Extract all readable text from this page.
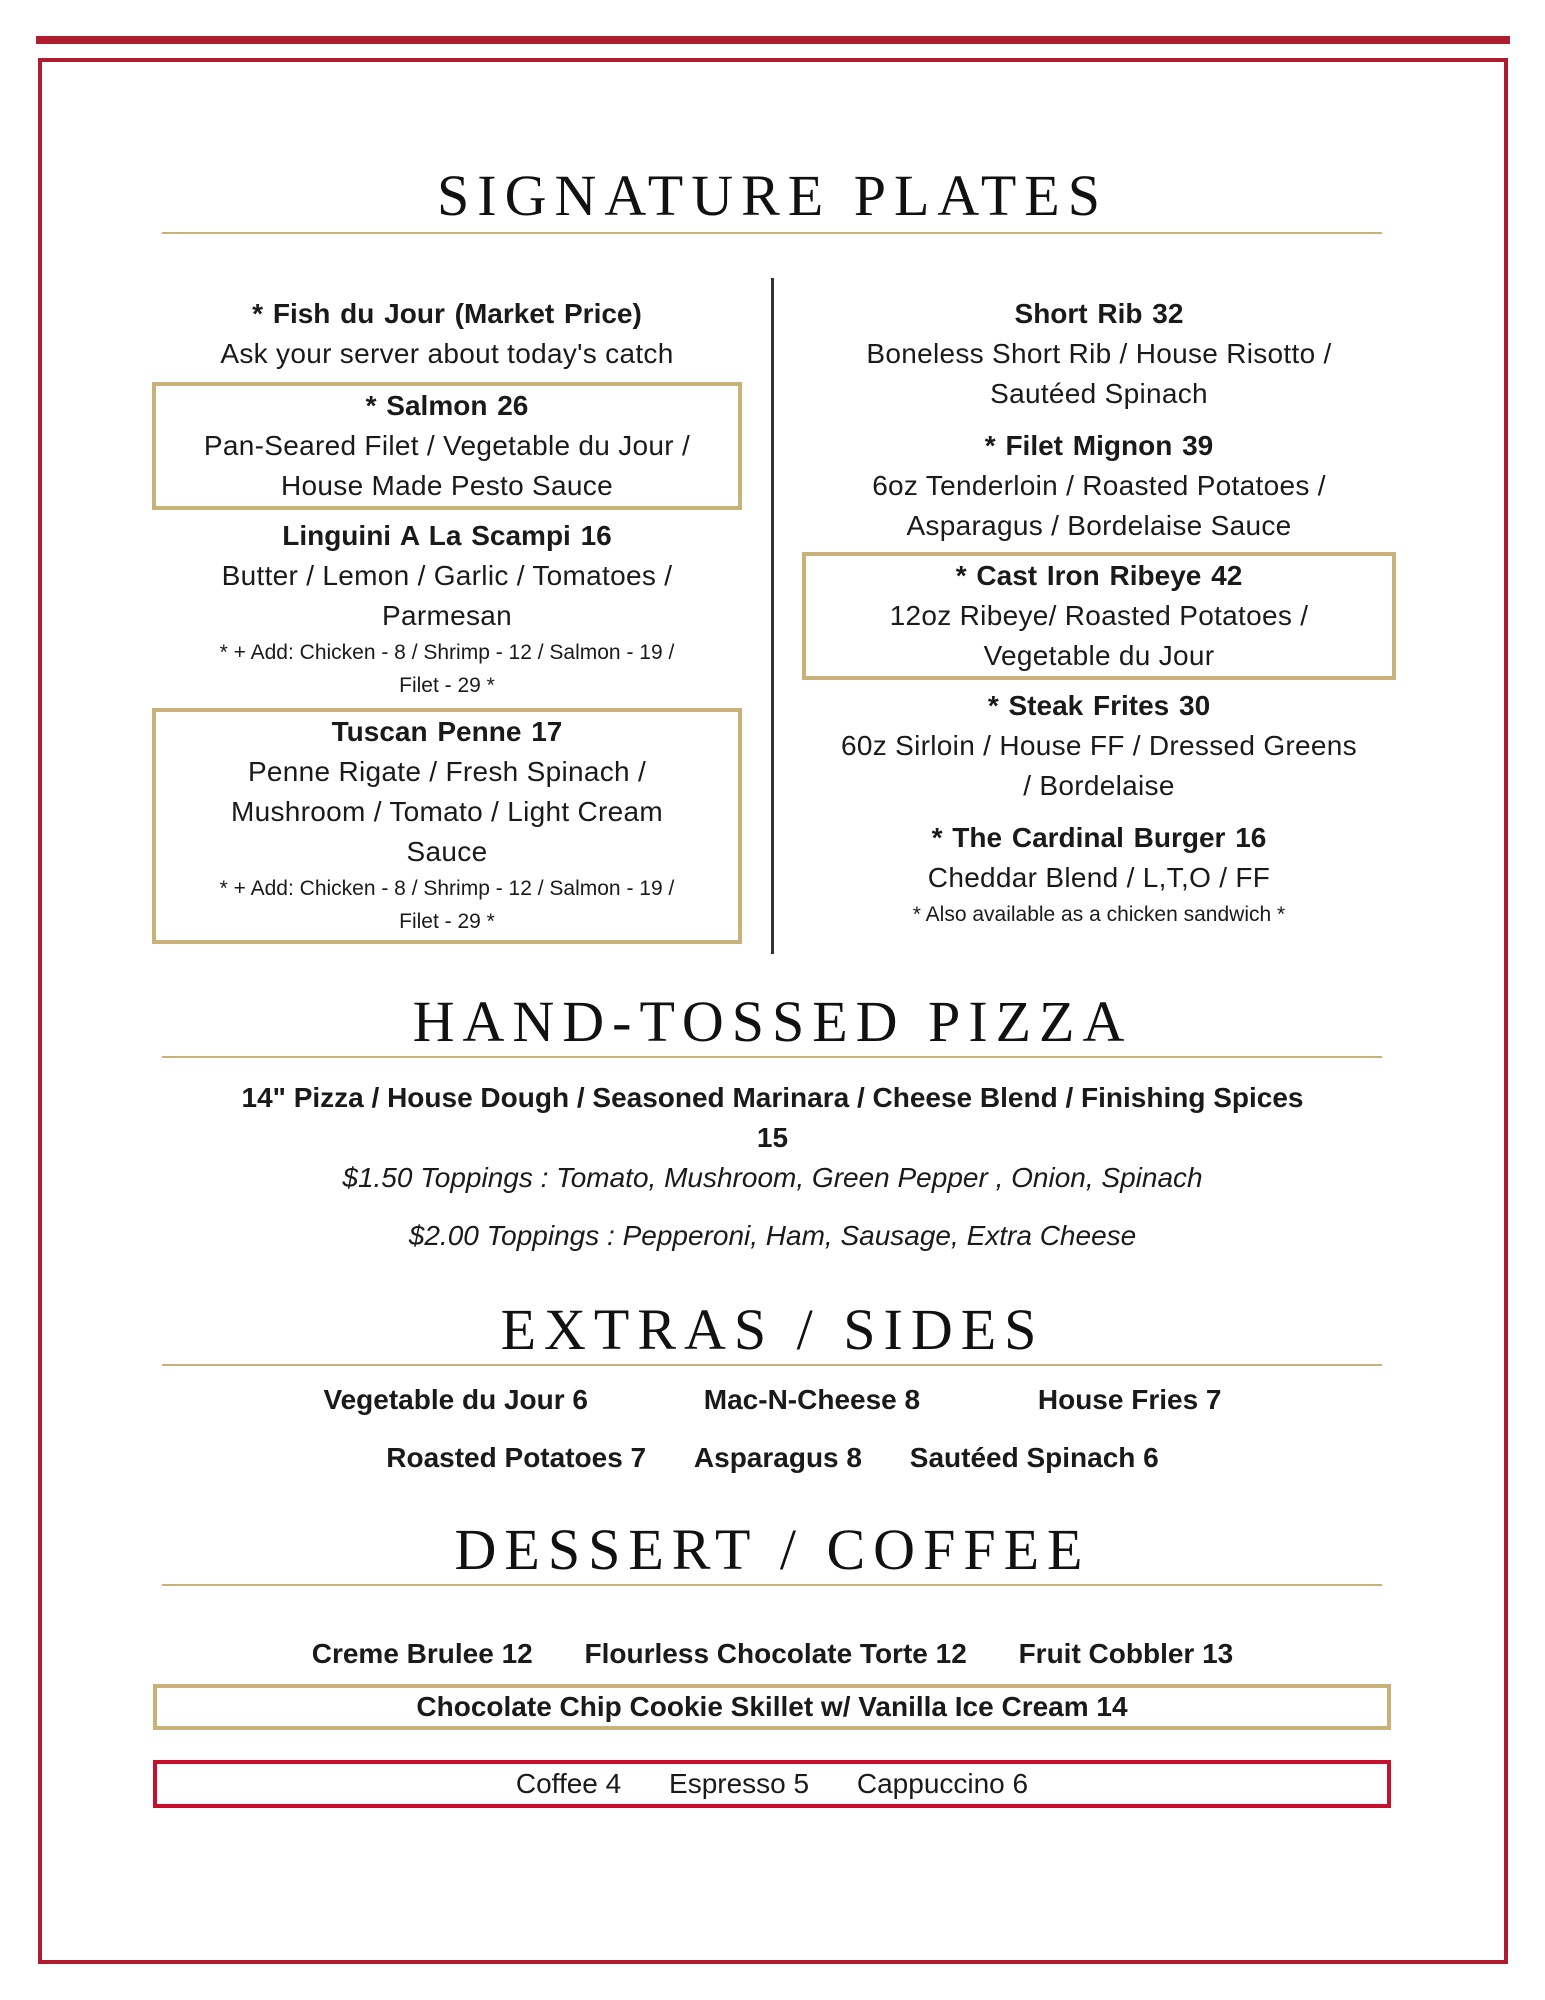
SIGNATURE PLATES
* Fish du Jour (Market Price)
Ask your server about today's catch
* Salmon 26
Pan-Seared Filet / Vegetable du Jour /
House Made Pesto Sauce
Linguini A La Scampi 16
Butter / Lemon / Garlic / Tomatoes /
Parmesan
* + Add: Chicken - 8 / Shrimp - 12 / Salmon - 19 /
Filet - 29 *
Tuscan Penne 17
Penne Rigate / Fresh Spinach /
Mushroom / Tomato / Light Cream
Sauce
* + Add: Chicken - 8 / Shrimp - 12 / Salmon - 19 /
Filet - 29 *
Short Rib 32
Boneless Short Rib / House Risotto /
Sautéed Spinach
* Filet Mignon 39
6oz Tenderloin / Roasted Potatoes /
Asparagus / Bordelaise Sauce
* Cast Iron Ribeye 42
12oz Ribeye/ Roasted Potatoes /
Vegetable du Jour
* Steak Frites 30
60z Sirloin / House FF / Dressed Greens
/ Bordelaise
* The Cardinal Burger 16
Cheddar Blend / L,T,O / FF
* Also available as a chicken sandwich *
HAND-TOSSED PIZZA
14" Pizza / House Dough / Seasoned Marinara / Cheese Blend / Finishing Spices
15
$1.50 Toppings : Tomato, Mushroom, Green Pepper , Onion, Spinach
$2.00 Toppings : Pepperoni, Ham, Sausage, Extra Cheese
EXTRAS / SIDES
Vegetable du Jour 6	Mac-N-Cheese 8	House Fries 7
Roasted Potatoes 7 Asparagus 8 Sautéed Spinach 6
DESSERT / COFFEE
Creme Brulee 12 Flourless Chocolate Torte 12 Fruit Cobbler 13
Chocolate Chip Cookie Skillet w/ Vanilla Ice Cream 14
Coffee 4 Espresso 5 Cappuccino 6
